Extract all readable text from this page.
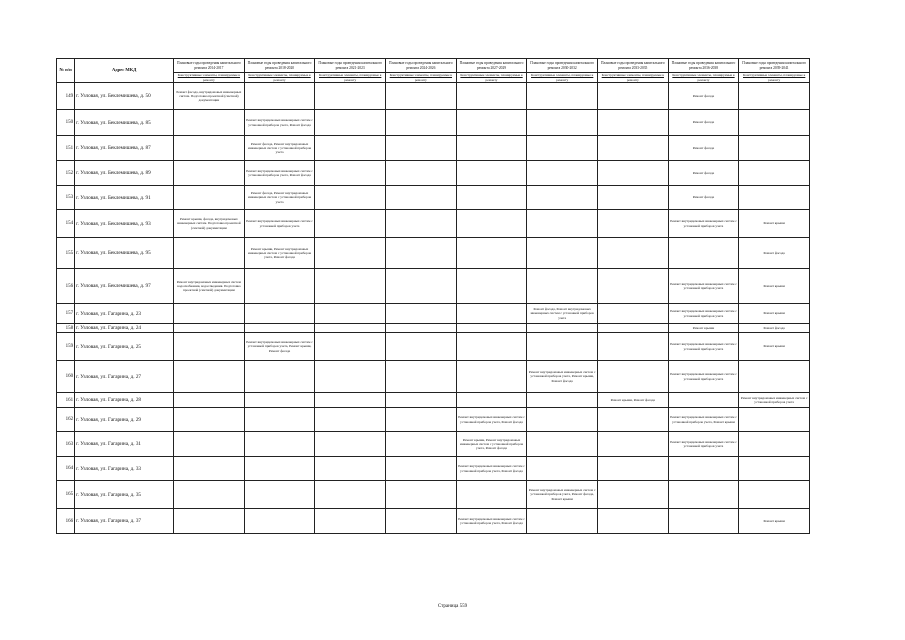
№ п/п	Адрес МКД	Плановые годы проведения капитального ремонта 2014-2017	Плановые годы проведения капитального ремонта 2018-2020	Плановые годы проведения капитального ремонта 2021-2023	Плановые годы проведения капитального ремонта 2024-2026	Плановые годы проведения капитального ремонта 2027-2029	Плановые годы проведения капитального ремонта 2030-2032	Плановые годы проведения капитального ремонта 2033-2035	Плановые годы проведения капитального ремонта 2036-2038	Плановые годы проведения капитального ремонта 2039-2041
		Конструктивные элементы, планируемые к ремонту	Конструктивные элементы, планируемые к ремонту	Конструктивные элементы, планируемые к ремонту	Конструктивные элементы, планируемые к ремонту	Конструктивные элементы, планируемые к ремонту	Конструктивные элементы, планируемые к ремонту	Конструктивные элементы, планируемые к ремонту	Конструктивные элементы, планируемые к ремонту	Конструктивные элементы, планируемые к ремонту
149	г. Узловая, ул. Беклемишева, д. 50	Ремонт фасада, внутридомовых инженерных систем. Подготовка проектной (сметной) документации							Ремонт фасада	
150	г. Узловая, ул. Беклемишева, д. 85		Ремонт внутридомовых инженерных систем с установкой приборов учета, Ремонт фасада						Ремонт фасада	
151	г. Узловая, ул. Беклемишева, д. 87		Ремонт фасада, Ремонт внутридомовых инженерных систем с установкой приборов учета						Ремонт фасада	
152	г. Узловая, ул. Беклемишева, д. 89		Ремонт внутридомовых инженерных систем с установкой приборов учета, Ремонт фасада						Ремонт фасада	
153	г. Узловая, ул. Беклемишева, д. 91		Ремонт фасада, Ремонт внутридомовых инженерных систем с установкой приборов учета						Ремонт фасада	
154	г. Узловая, ул. Беклемишева, д. 93	Ремонт крыши, фасада, внутридомовых инженерных систем. Подготовка проектной (сметной) документации	Ремонт внутридомовых инженерных систем с установкой приборов учета						Ремонт внутридомовых инженерных систем с установкой приборов учета	Ремонт крыши
155	г. Узловая, ул. Беклемишева, д. 95		Ремонт крыши, Ремонт внутридомовых инженерных систем с установкой приборов учета, Ремонт фасада							Ремонт фасада
156	г. Узловая, ул. Беклемишева, д. 97	Ремонт внутридомовых инженерных систем водоснабжения, водоотведения. Подготовка проектной (сметной) документации							Ремонт внутридомовых инженерных систем с установкой приборов учета	Ремонт крыши
157	г. Узловая, ул. Гагарина, д. 23						Ремонт фасада, Ремонт внутридомовых инженерных систем с установкой приборов учета		Ремонт внутридомовых инженерных систем с установкой приборов учета	Ремонт крыши
158	г. Узловая, ул. Гагарина, д. 24								Ремонт крыши	Ремонт фасада
159	г. Узловая, ул. Гагарина, д. 25		Ремонт внутридомовых инженерных систем с установкой приборов учета, Ремонт крыши, Ремонт фасада						Ремонт внутридомовых инженерных систем с установкой приборов учета	Ремонт крыши
160	г. Узловая, ул. Гагарина, д. 27						Ремонт внутридомовых инженерных систем с установкой приборов учета, Ремонт крыши, Ремонт фасада		Ремонт внутридомовых инженерных систем с установкой приборов учета	
161	г. Узловая, ул. Гагарина, д. 28							Ремонт крыши, Ремонт фасада		Ремонт внутридомовых инженерных систем с установкой приборов учета
162	г. Узловая, ул. Гагарина, д. 29					Ремонт внутридомовых инженерных систем с установкой приборов учета, Ремонт фасада			Ремонт внутридомовых инженерных систем с установкой приборов учета, Ремонт крыши	
163	г. Узловая, ул. Гагарина, д. 31					Ремонт крыши, Ремонт внутридомовых инженерных систем с установкой приборов учета, Ремонт фасада			Ремонт внутридомовых инженерных систем с установкой приборов учета	
164	г. Узловая, ул. Гагарина, д. 33					Ремонт внутридомовых инженерных систем с установкой приборов учета, Ремонт фасада				
165	г. Узловая, ул. Гагарина, д. 35						Ремонт внутридомовых инженерных систем с установкой приборов учета, Ремонт фасада, Ремонт крыши			
166	г. Узловая, ул. Гагарина, д. 37					Ремонт внутридомовых инженерных систем с установкой приборов учета, Ремонт фасада				Ремонт крыши
Страница 559
